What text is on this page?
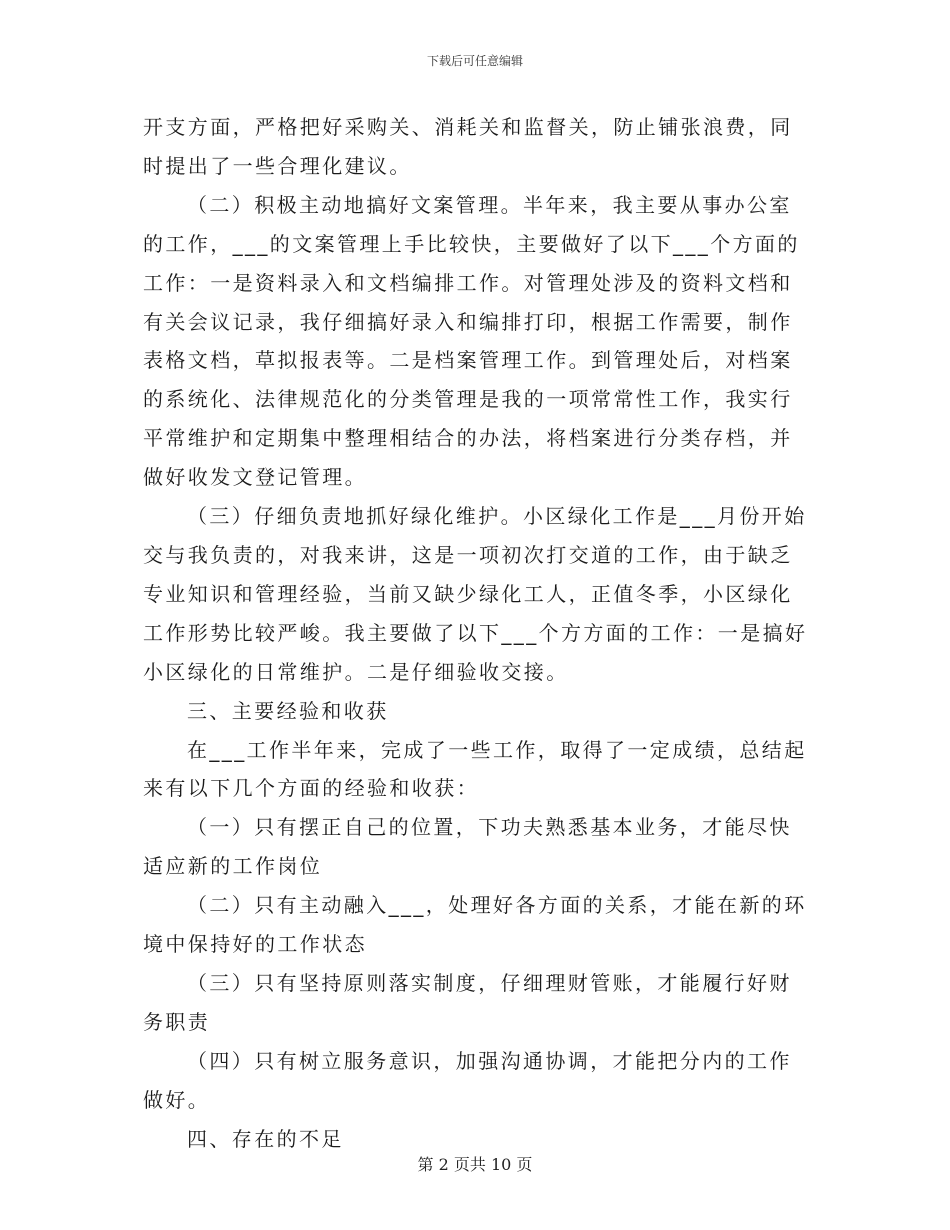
下载后可任意编辑

开支方面，严格把好采购关、消耗关和监督关，防止铺张浪费，同时提出了一些合理化建议。

（二）积极主动地搞好文案管理。半年来，我主要从事办公室的工作，___的文案管理上手比较快，主要做好了以下___个方面的工作：一是资料录入和文档编排工作。对管理处涉及的资料文档和有关会议记录，我仔细搞好录入和编排打印，根据工作需要，制作表格文档，草拟报表等。二是档案管理工作。到管理处后，对档案的系统化、法律规范化的分类管理是我的一项常常性工作，我实行平常维护和定期集中整理相结合的办法，将档案进行分类存档，并做好收发文登记管理。

（三）仔细负责地抓好绿化维护。小区绿化工作是___月份开始交与我负责的，对我来讲，这是一项初次打交道的工作，由于缺乏专业知识和管理经验，当前又缺少绿化工人，正值冬季，小区绿化工作形势比较严峻。我主要做了以下___个方方面的工作：一是搞好小区绿化的日常维护。二是仔细验收交接。

三、主要经验和收获

在___工作半年来，完成了一些工作，取得了一定成绩，总结起来有以下几个方面的经验和收获：

（一）只有摆正自己的位置，下功夫熟悉基本业务，才能尽快适应新的工作岗位

（二）只有主动融入___，处理好各方面的关系，才能在新的环境中保持好的工作状态

（三）只有坚持原则落实制度，仔细理财管账，才能履行好财务职责

（四）只有树立服务意识，加强沟通协调，才能把分内的工作做好。

四、存在的不足

第 2 页共 10 页
